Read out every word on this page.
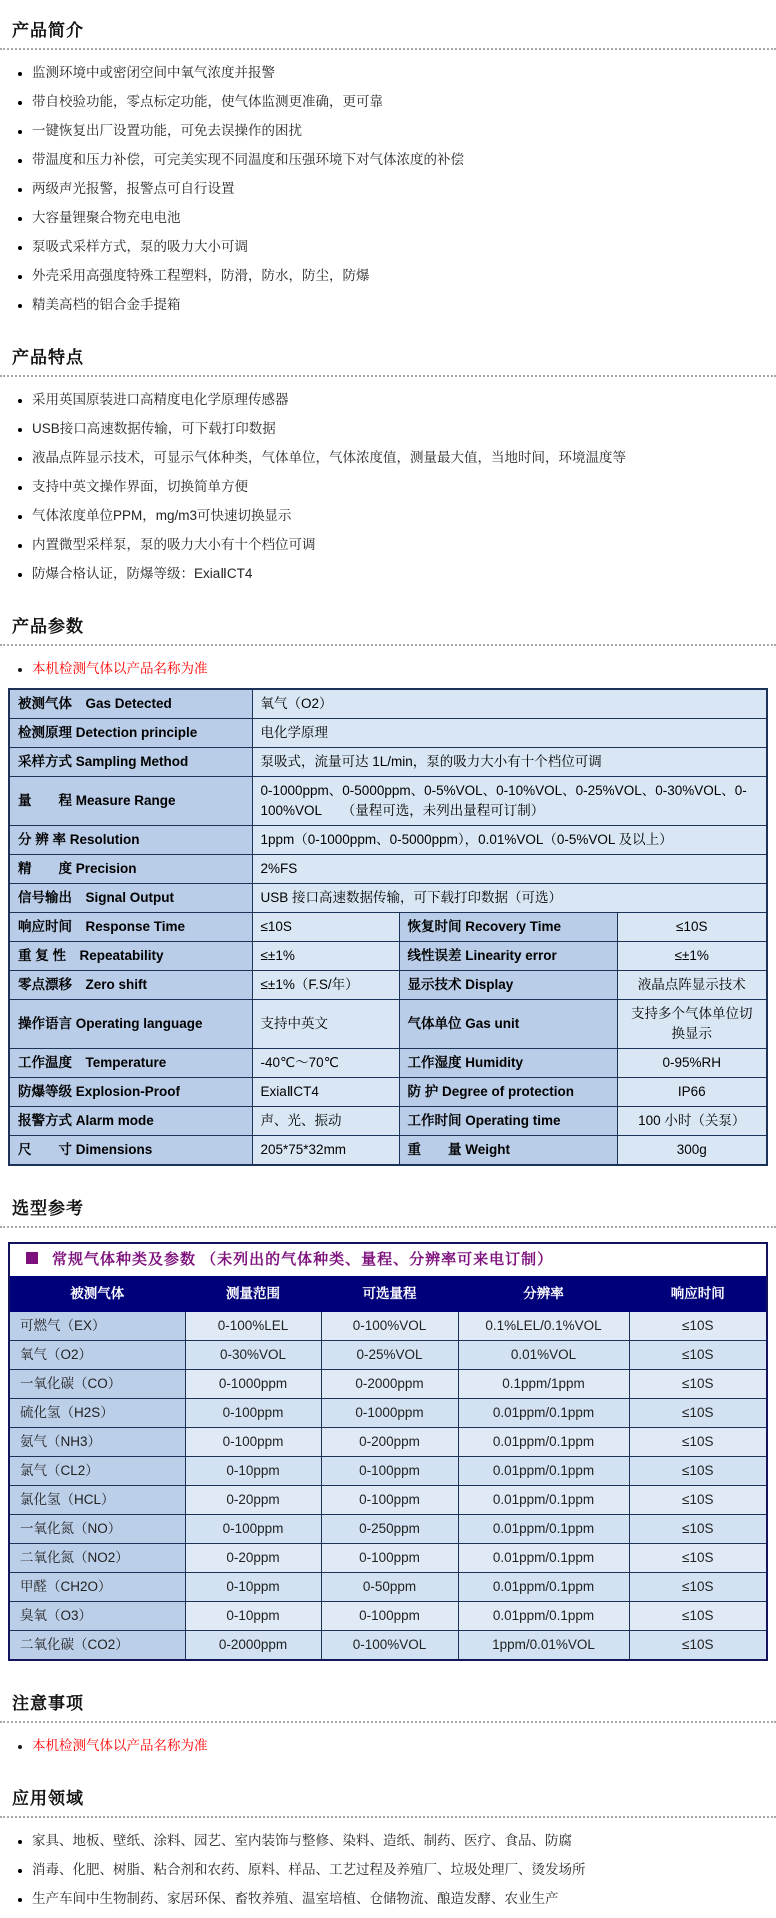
产品简介
• 监测环境中或密闭空间中氧气浓度并报警
• 带自校验功能，零点标定功能，使气体监测更准确，更可靠
• 一键恢复出厂设置功能，可免去误操作的困扰
• 带温度和压力补偿，可完美实现不同温度和压强环境下对气体浓度的补偿
• 两级声光报警，报警点可自行设置
• 大容量锂聚合物充电电池
• 泵吸式采样方式，泵的吸力大小可调
• 外壳采用高强度特殊工程塑料，防滑，防水，防尘，防爆
• 精美高档的铝合金手提箱
产品特点
• 采用英国原装进口高精度电化学原理传感器
• USB接口高速数据传输，可下载打印数据
• 液晶点阵显示技术，可显示气体种类，气体单位，气体浓度值，测量最大值，当地时间，环境温度等
• 支持中英文操作界面，切换简单方便
• 气体浓度单位PPM，mg/m3可快速切换显示
• 内置微型采样泵，泵的吸力大小有十个档位可调
• 防爆合格认证，防爆等级：ExiaⅡCT4
产品参数
• 本机检测气体以产品名称为准
被测气体　Gas Detected	氧气（O2）		
检测原理 Detection principle	电化学原理		
采样方式 Sampling Method	泵吸式，流量可达 1L/min，泵的吸力大小有十个档位可调		
量　　程 Measure Range	0-1000ppm、0-5000ppm、0-5%VOL、0-10%VOL、0-25%VOL、0-30%VOL、0-100%VOL　　（量程可选，未列出量程可订制）		
分 辨 率 Resolution	1ppm（0-1000ppm、0-5000ppm），0.01%VOL（0-5%VOL 及以上）		
精　　度 Precision	2%FS		
信号输出　Signal Output	USB 接口高速数据传输，可下载打印数据（可选）		
响应时间　Response Time	≤10S	恢复时间 Recovery Time	≤10S
重 复 性　Repeatability	≤±1%	线性误差 Linearity error	≤±1%
零点漂移　Zero shift	≤±1%（F.S/年）	显示技术 Display	液晶点阵显示技术
操作语言 Operating language	支持中英文	气体单位 Gas unit	支持多个气体单位切换显示
工作温度　Temperature	-40℃～70℃	工作湿度 Humidity	0-95%RH
防爆等级 Explosion-Proof	ExiaⅡCT4	防 护 Degree of protection	IP66
报警方式 Alarm mode	声、光、振动	工作时间 Operating time	100 小时（关泵）
尺　　寸 Dimensions	205*75*32mm	重　　量 Weight	300g
选型参考
常规气体种类及参数 （未列出的气体种类、量程、分辨率可来电订制）				
被测气体	测量范围	可选量程	分辨率	响应时间
可燃气（EX）	0-100%LEL	0-100%VOL	0.1%LEL/0.1%VOL	≤10S
氧气（O2）	0-30%VOL	0-25%VOL	0.01%VOL	≤10S
一氧化碳（CO）	0-1000ppm	0-2000ppm	0.1ppm/1ppm	≤10S
硫化氢（H2S）	0-100ppm	0-1000ppm	0.01ppm/0.1ppm	≤10S
氨气（NH3）	0-100ppm	0-200ppm	0.01ppm/0.1ppm	≤10S
氯气（CL2）	0-10ppm	0-100ppm	0.01ppm/0.1ppm	≤10S
氯化氢（HCL）	0-20ppm	0-100ppm	0.01ppm/0.1ppm	≤10S
一氧化氮（NO）	0-100ppm	0-250ppm	0.01ppm/0.1ppm	≤10S
二氧化氮（NO2）	0-20ppm	0-100ppm	0.01ppm/0.1ppm	≤10S
甲醛（CH2O）	0-10ppm	0-50ppm	0.01ppm/0.1ppm	≤10S
臭氧（O3）	0-10ppm	0-100ppm	0.01ppm/0.1ppm	≤10S
二氧化碳（CO2）	0-2000ppm	0-100%VOL	1ppm/0.01%VOL	≤10S
注意事项
• 本机检测气体以产品名称为准
应用领域
• 家具、地板、壁纸、涂料、园艺、室内装饰与整修、染料、造纸、制药、医疗、食品、防腐
• 消毒、化肥、树脂、粘合剂和农药、原料、样品、工艺过程及养殖厂、垃圾处理厂、烫发场所
• 生产车间中生物制药、家居环保、畜牧养殖、温室培植、仓储物流、酿造发酵、农业生产
